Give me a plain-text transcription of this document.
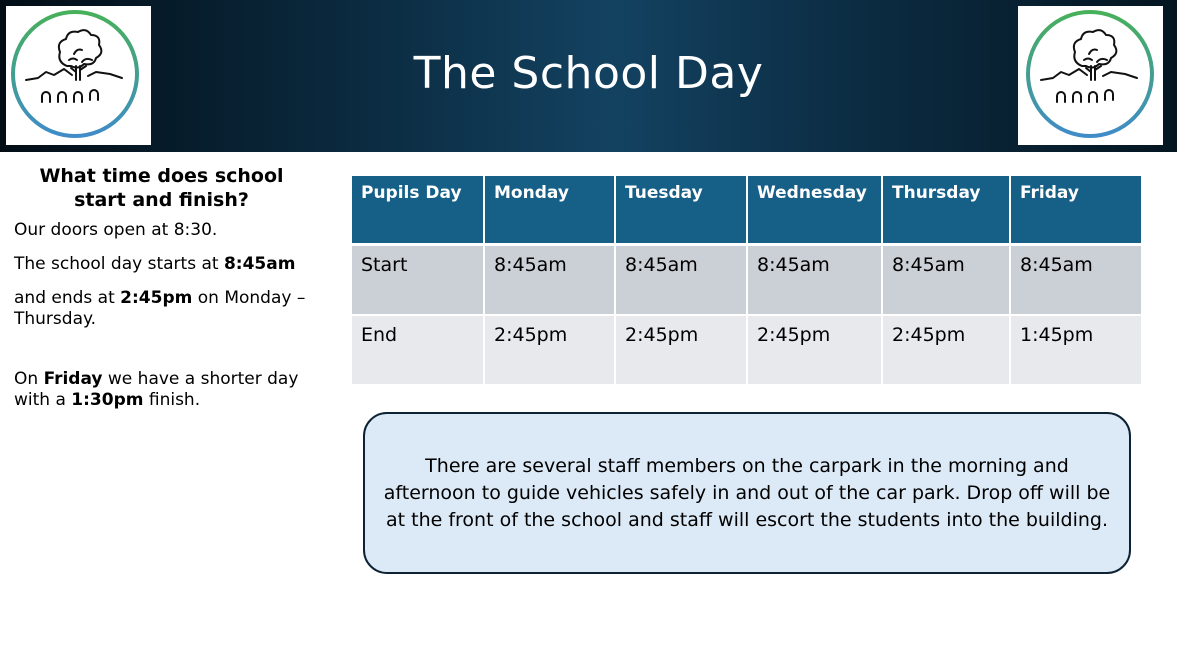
The School Day
What time does school start and finish?

Our doors open at 8:30.

The school day starts at 8:45am

and ends at 2:45pm on Monday – Thursday.

On Friday we have a shorter day with a 1:30pm finish.

Pupils Day	Monday	Tuesday	Wednesday	Thursday	Friday
Start	8:45am	8:45am	8:45am	8:45am	8:45am
End	2:45pm	2:45pm	2:45pm	2:45pm	1:45pm
There are several staff members on the carpark in the morning and afternoon to guide vehicles safely in and out of the car park. Drop off will be at the front of the school and staff will escort the students into the building.
